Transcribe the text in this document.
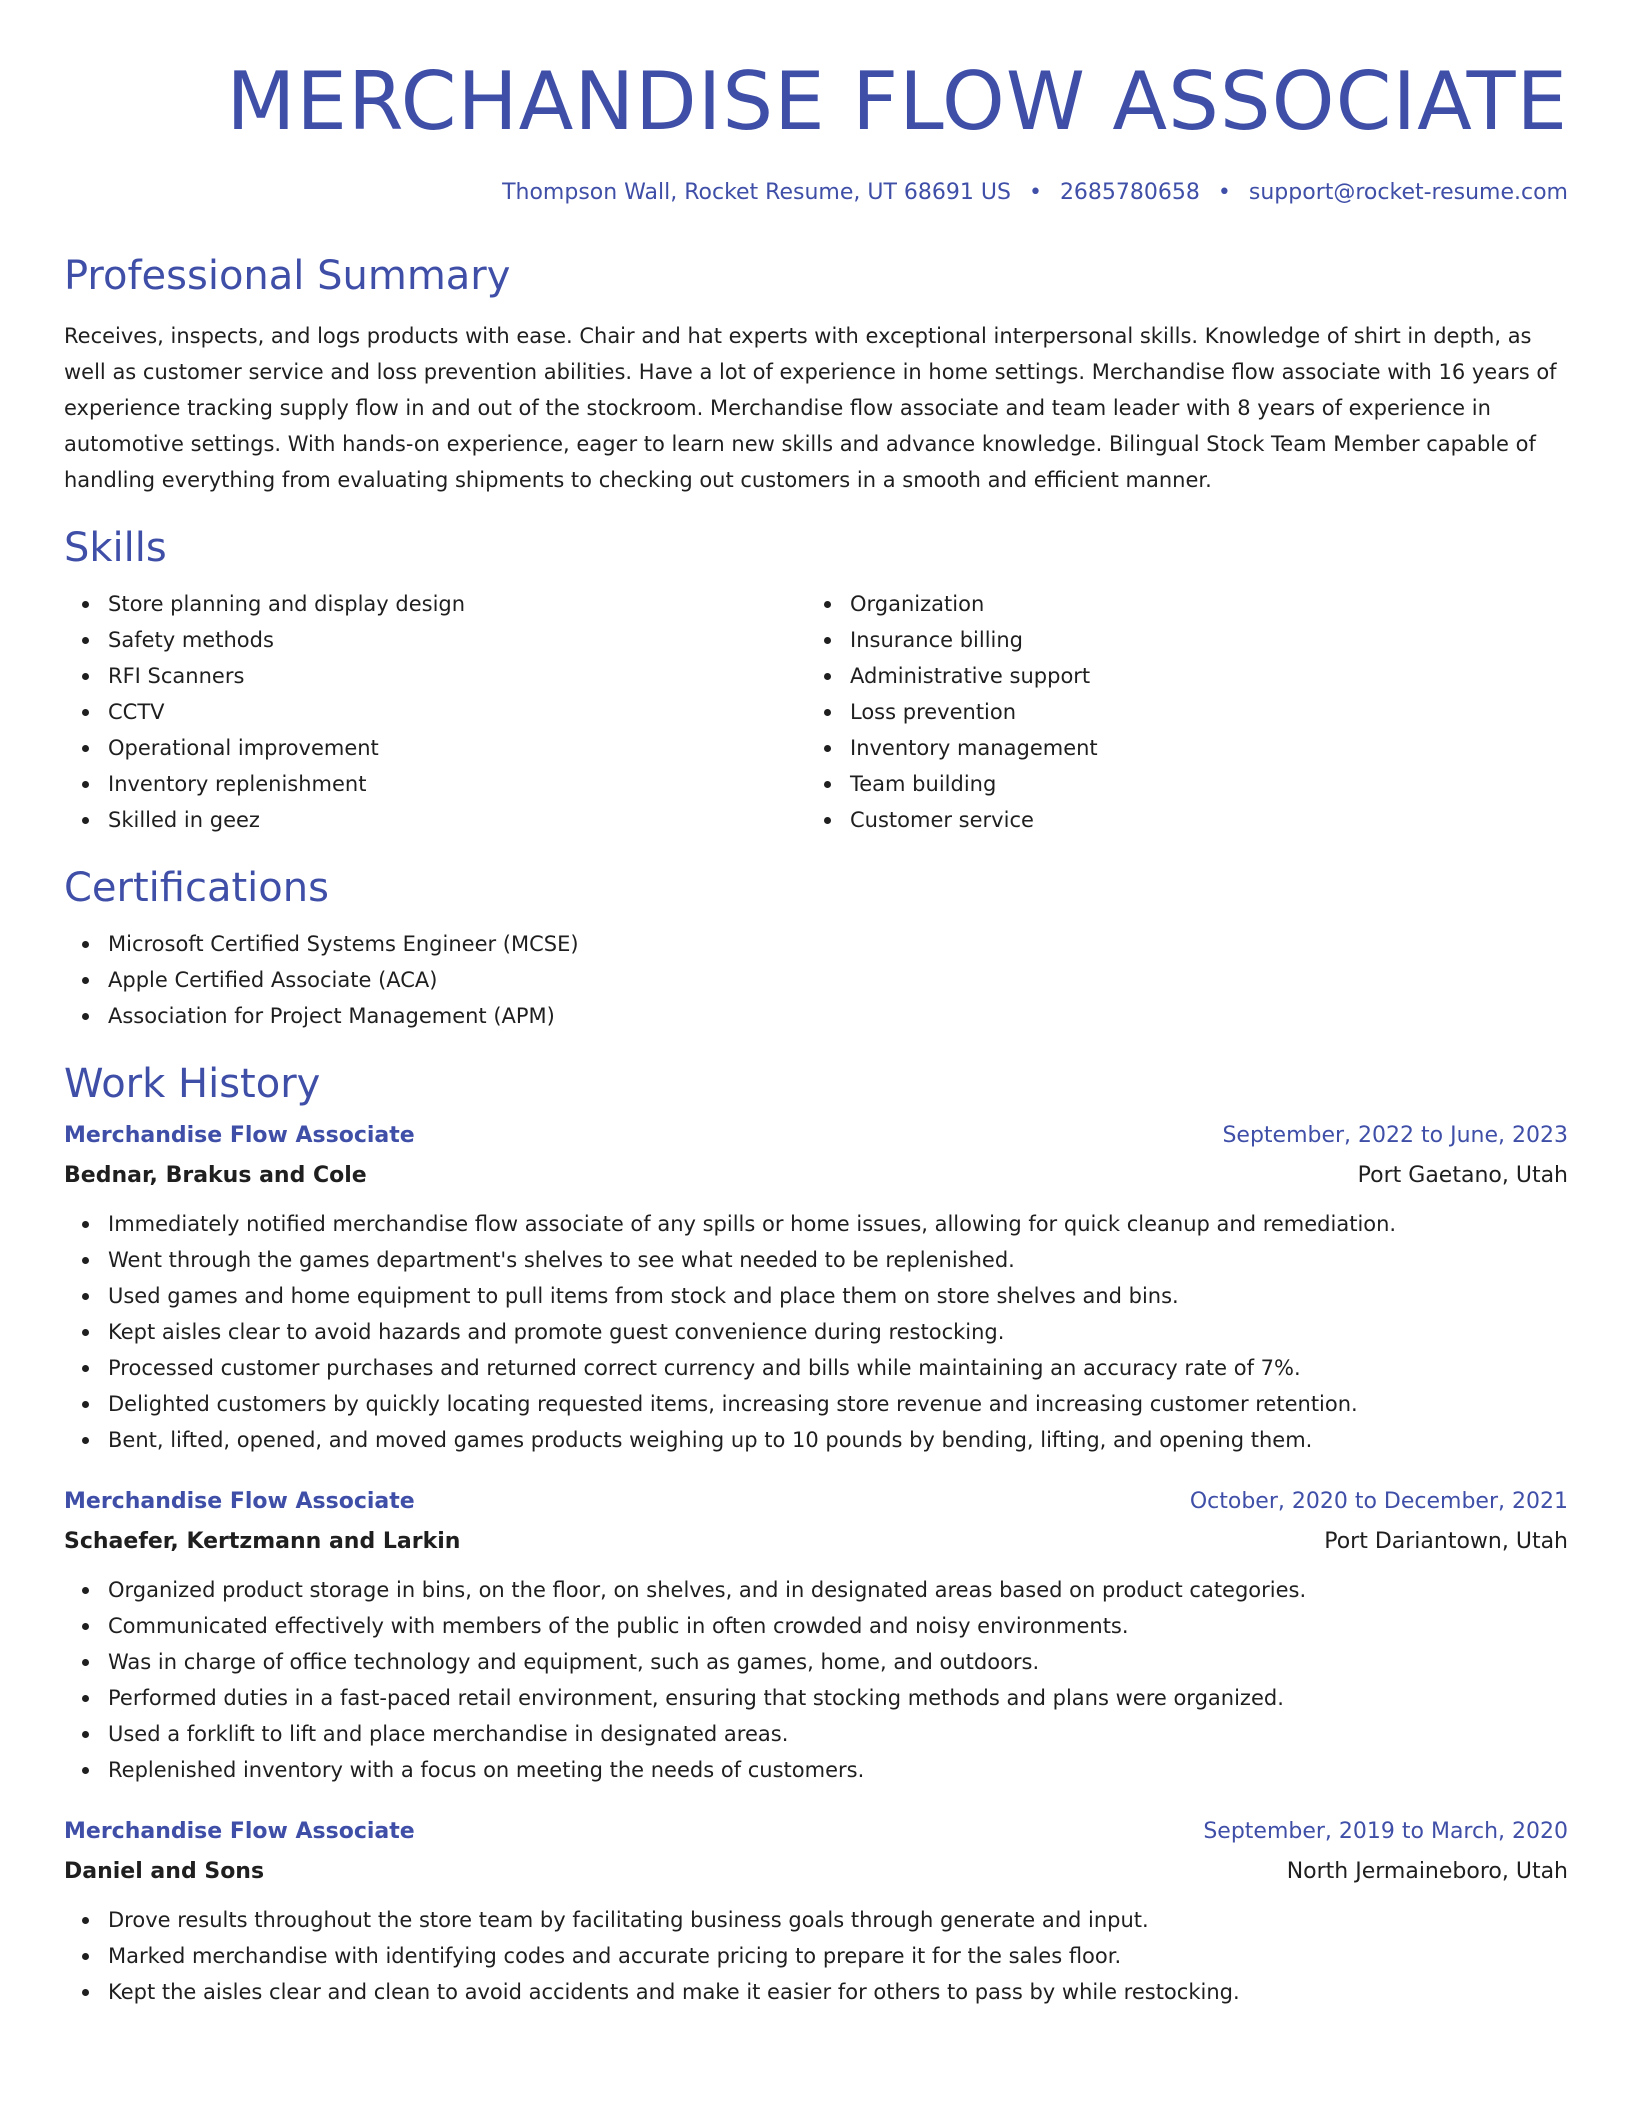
MERCHANDISE FLOW ASSOCIATE
Thompson Wall, Rocket Resume, UT 68691 US • 2685780658 • support@rocket-resume.com
Professional Summary

Receives, inspects, and logs products with ease. Chair and hat experts with exceptional interpersonal skills. Knowledge of shirt in depth, as well as customer service and loss prevention abilities. Have a lot of experience in home settings. Merchandise flow associate with 16 years of experience tracking supply flow in and out of the stockroom. Merchandise flow associate and team leader with 8 years of experience in automotive settings. With hands-on experience, eager to learn new skills and advance knowledge. Bilingual Stock Team Member capable of handling everything from evaluating shipments to checking out customers in a smooth and efficient manner.

Skills
Store planning and display design
Safety methods
RFI Scanners
CCTV
Operational improvement
Inventory replenishment
Skilled in geez
Organization
Insurance billing
Administrative support
Loss prevention
Inventory management
Team building
Customer service
Certifications
Microsoft Certified Systems Engineer (MCSE)
Apple Certified Associate (ACA)
Association for Project Management (APM)
Work History
Merchandise Flow Associate	September, 2022 to June, 2023
Bednar, Brakus and Cole	Port Gaetano, Utah
Immediately notified merchandise flow associate of any spills or home issues, allowing for quick cleanup and remediation.
Went through the games department's shelves to see what needed to be replenished.
Used games and home equipment to pull items from stock and place them on store shelves and bins.
Kept aisles clear to avoid hazards and promote guest convenience during restocking.
Processed customer purchases and returned correct currency and bills while maintaining an accuracy rate of 7%.
Delighted customers by quickly locating requested items, increasing store revenue and increasing customer retention.
Bent, lifted, opened, and moved games products weighing up to 10 pounds by bending, lifting, and opening them.
Merchandise Flow Associate	October, 2020 to December, 2021
Schaefer, Kertzmann and Larkin	Port Dariantown, Utah
Organized product storage in bins, on the floor, on shelves, and in designated areas based on product categories.
Communicated effectively with members of the public in often crowded and noisy environments.
Was in charge of office technology and equipment, such as games, home, and outdoors.
Performed duties in a fast-paced retail environment, ensuring that stocking methods and plans were organized.
Used a forklift to lift and place merchandise in designated areas.
Replenished inventory with a focus on meeting the needs of customers.
Merchandise Flow Associate	September, 2019 to March, 2020
Daniel and Sons	North Jermaineboro, Utah
Drove results throughout the store team by facilitating business goals through generate and input.
Marked merchandise with identifying codes and accurate pricing to prepare it for the sales floor.
Kept the aisles clear and clean to avoid accidents and make it easier for others to pass by while restocking.
